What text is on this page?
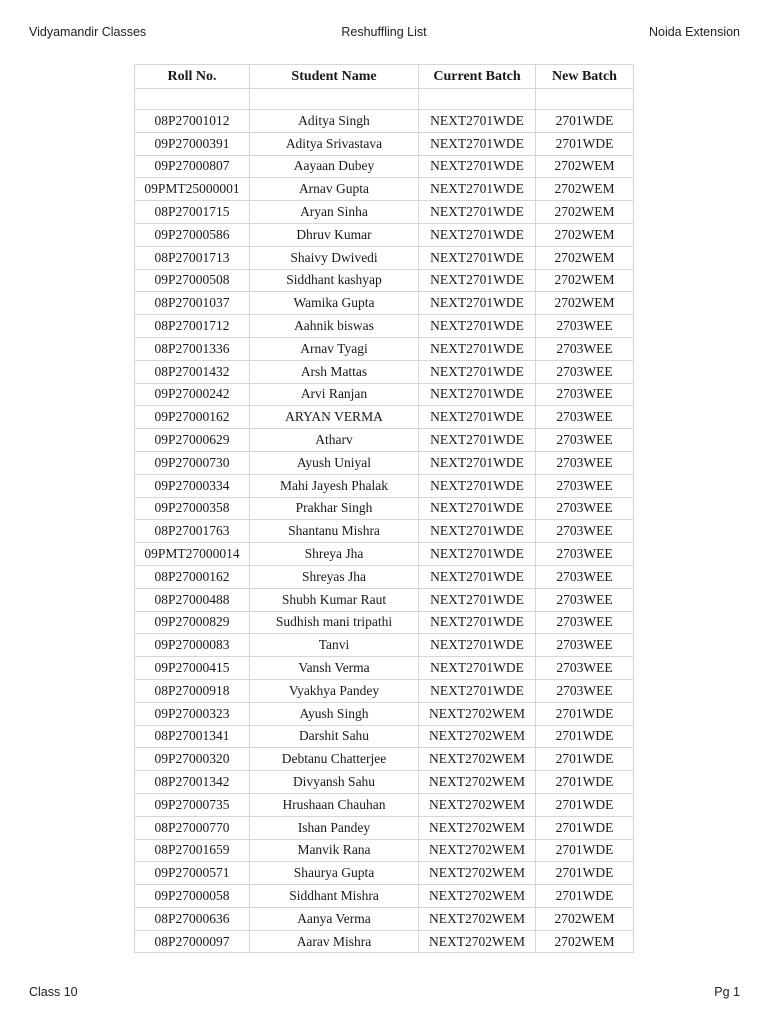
Vidyamandir Classes	Reshuffling List	Noida Extension
Roll No.	Student Name	Current Batch	New Batch

08P27001012	Aditya Singh	NEXT2701WDE	2701WDE
09P27000391	Aditya Srivastava	NEXT2701WDE	2701WDE
09P27000807	Aayaan Dubey	NEXT2701WDE	2702WEM
09PMT25000001	Arnav Gupta	NEXT2701WDE	2702WEM
08P27001715	Aryan Sinha	NEXT2701WDE	2702WEM
09P27000586	Dhruv Kumar	NEXT2701WDE	2702WEM
08P27001713	Shaivy Dwivedi	NEXT2701WDE	2702WEM
09P27000508	Siddhant kashyap	NEXT2701WDE	2702WEM
08P27001037	Wamika Gupta	NEXT2701WDE	2702WEM
08P27001712	Aahnik biswas	NEXT2701WDE	2703WEE
08P27001336	Arnav Tyagi	NEXT2701WDE	2703WEE
08P27001432	Arsh Mattas	NEXT2701WDE	2703WEE
09P27000242	Arvi Ranjan	NEXT2701WDE	2703WEE
09P27000162	ARYAN VERMA	NEXT2701WDE	2703WEE
09P27000629	Atharv	NEXT2701WDE	2703WEE
09P27000730	Ayush Uniyal	NEXT2701WDE	2703WEE
09P27000334	Mahi Jayesh Phalak	NEXT2701WDE	2703WEE
09P27000358	Prakhar Singh	NEXT2701WDE	2703WEE
08P27001763	Shantanu Mishra	NEXT2701WDE	2703WEE
09PMT27000014	Shreya Jha	NEXT2701WDE	2703WEE
08P27000162	Shreyas Jha	NEXT2701WDE	2703WEE
08P27000488	Shubh Kumar Raut	NEXT2701WDE	2703WEE
09P27000829	Sudhish mani tripathi	NEXT2701WDE	2703WEE
09P27000083	Tanvi	NEXT2701WDE	2703WEE
09P27000415	Vansh Verma	NEXT2701WDE	2703WEE
08P27000918	Vyakhya Pandey	NEXT2701WDE	2703WEE
09P27000323	Ayush Singh	NEXT2702WEM	2701WDE
08P27001341	Darshit Sahu	NEXT2702WEM	2701WDE
09P27000320	Debtanu Chatterjee	NEXT2702WEM	2701WDE
08P27001342	Divyansh Sahu	NEXT2702WEM	2701WDE
09P27000735	Hrushaan Chauhan	NEXT2702WEM	2701WDE
08P27000770	Ishan Pandey	NEXT2702WEM	2701WDE
08P27001659	Manvik Rana	NEXT2702WEM	2701WDE
09P27000571	Shaurya Gupta	NEXT2702WEM	2701WDE
09P27000058	Siddhant Mishra	NEXT2702WEM	2701WDE
08P27000636	Aanya Verma	NEXT2702WEM	2702WEM
08P27000097	Aarav Mishra	NEXT2702WEM	2702WEM
Class 10	Pg 1
